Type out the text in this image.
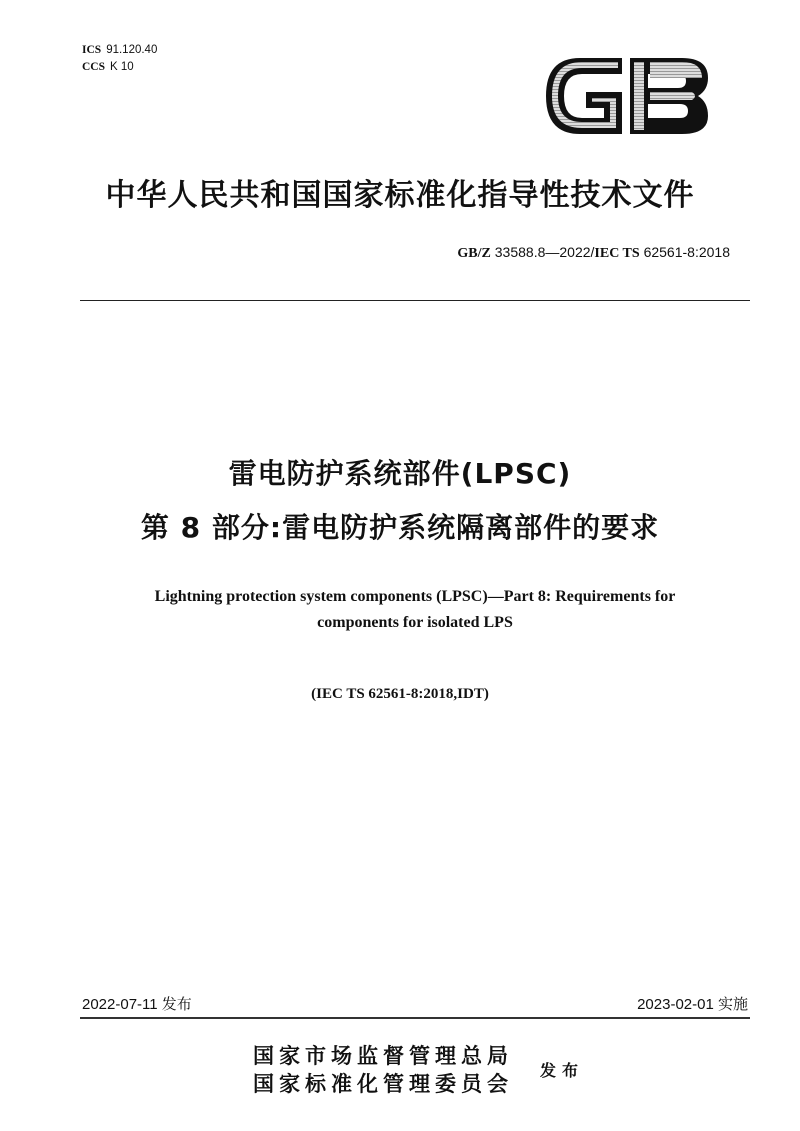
ICS 91.120.40
CCS K 10
中华人民共和国国家标准化指导性技术文件
GB/Z 33588.8—2022/IEC TS 62561-8:2018
雷电防护系统部件(LPSC)
第 8 部分:雷电防护系统隔离部件的要求
Lightning protection system components (LPSC)—Part 8: Requirements for
components for isolated LPS
(IEC TS 62561-8:2018,IDT)
2022-07-11 发布	2023-02-01 实施
国家市场监督管理总局
国家标准化管理委员会
发布
